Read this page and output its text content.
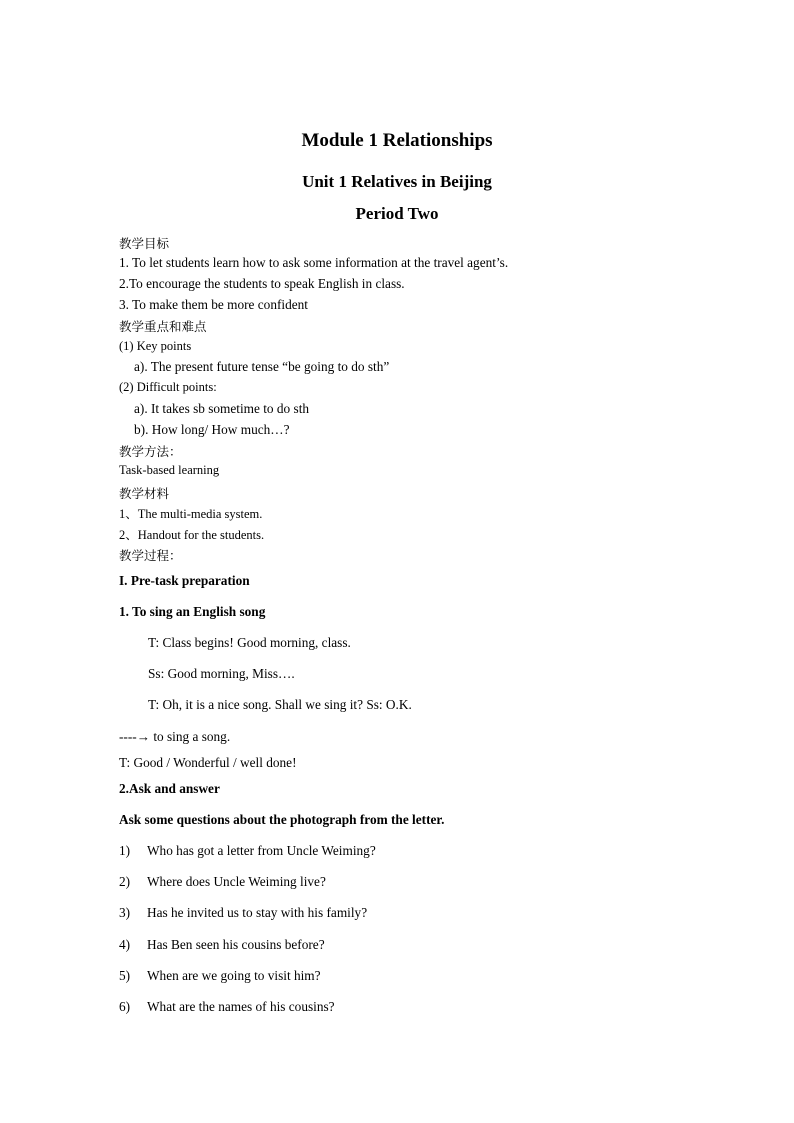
Module 1 Relationships
Unit 1 Relatives in Beijing
Period Two
教学目标
1. To let students learn how to ask some information at the travel agent’s.
2.To encourage the students to speak English in class.
3. To make them be more confident
教学重点和难点
(1) Key points
a). The present future tense “be going to do sth”
(2) Difficult points:
a). It takes sb sometime to do sth
b). How long/ How much…?
教学方法：
Task-based learning
教学材料
1、The multi-media system.
2、Handout for the students.
教学过程：
I. Pre-task preparation
1. To sing an English song
T: Class begins! Good morning, class.
Ss: Good morning, Miss….
T: Oh, it is a nice song. Shall we sing it? Ss: O.K.
----→ to sing a song.
T: Good / Wonderful / well done!
2.Ask and answer
Ask some questions about the photograph from the letter.
1) Who has got a letter from Uncle Weiming?
2) Where does Uncle Weiming live?
3) Has he invited us to stay with his family?
4) Has Ben seen his cousins before?
5) When are we going to visit him?
6) What are the names of his cousins?
